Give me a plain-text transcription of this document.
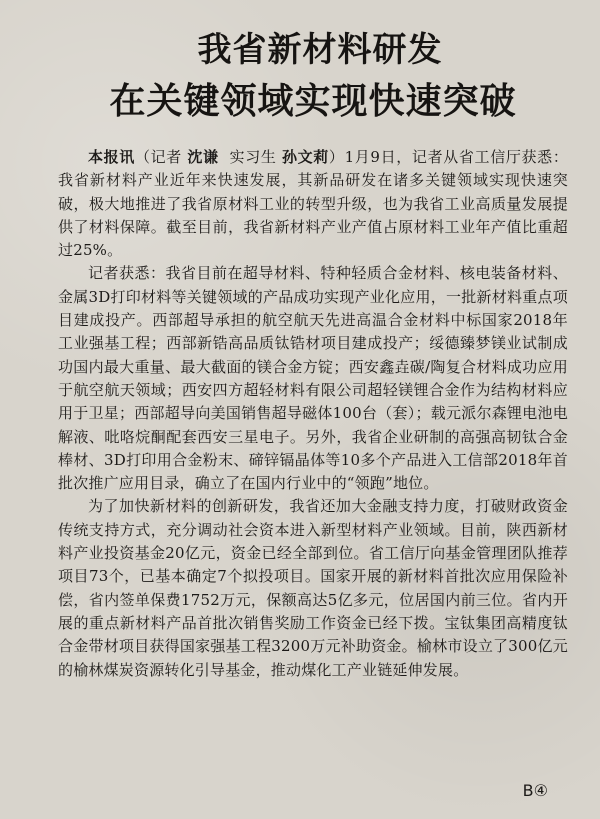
我省新材料研发
在关键领域实现快速突破

本报讯（记者 沈谦 实习生 孙文莉）1月9日，记者从省工信厅获悉：我省新材料产业近年来快速发展，其新品研发在诸多关键领域实现快速突破，极大地推进了我省原材料工业的转型升级，也为我省工业高质量发展提供了材料保障。截至目前，我省新材料产业产值占原材料工业年产值比重超过25%。

记者获悉：我省目前在超导材料、特种轻质合金材料、核电装备材料、金属3D打印材料等关键领域的产品成功实现产业化应用，一批新材料重点项目建成投产。西部超导承担的航空航天先进高温合金材料中标国家2018年工业强基工程；西部新锆高品质钛锆材项目建成投产；绥德臻梦镁业试制成功国内最大重量、最大截面的镁合金方锭；西安鑫垚碳/陶复合材料成功应用于航空航天领域；西安四方超轻材料有限公司超轻镁锂合金作为结构材料应用于卫星；西部超导向美国销售超导磁体100台（套）；载元派尔森锂电池电解液、吡咯烷酮配套西安三星电子。另外，我省企业研制的高强高韧钛合金棒材、3D打印用合金粉末、碲锌镉晶体等10多个产品进入工信部2018年首批次推广应用目录，确立了在国内行业中的“领跑”地位。

为了加快新材料的创新研发，我省还加大金融支持力度，打破财政资金传统支持方式，充分调动社会资本进入新型材料产业领域。目前，陕西新材料产业投资基金20亿元，资金已经全部到位。省工信厅向基金管理团队推荐项目73个，已基本确定7个拟投项目。国家开展的新材料首批次应用保险补偿，省内签单保费1752万元，保额高达5亿多元，位居国内前三位。省内开展的重点新材料产品首批次销售奖励工作资金已经下拨。宝钛集团高精度钛合金带材项目获得国家强基工程3200万元补助资金。榆林市设立了300亿元的榆林煤炭资源转化引导基金，推动煤化工产业链延伸发展。

B④
